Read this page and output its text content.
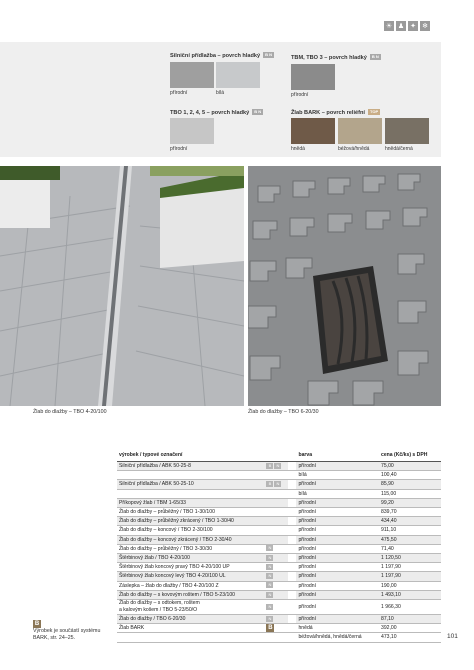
☀ ♟ ✦ ❄
Silniční přídlažba – povrch hladký B N
přírodní	bílá
TBM, TBO 3 – povrch hladký B N
přírodní
TBO 1, 2, 4, 5 – povrch hladký B N
přírodní
Žlab BARK – povrch reliéfní TOP
hnědá	béžová/hnědá	hnědá/černá
Žlab do dlažby – TBO 4-20/100	Žlab do dlažby – TBO 6-20/30
výrobek / typové označení			barva	cena (Kč/ks) s DPH
Silniční přídlažba / ABK 50-25-8	B N		přírodní	75,00
			bílá	100,40
Silniční přídlažba / ABK 50-25-10	B N		přírodní	85,90
			bílá	115,00
Příkopový žlab / TBM 1-65/33			přírodní	99,20
Žlab do dlažby – průběžný / TBO 1-30/100			přírodní	839,70
Žlab do dlažby – průběžný zkrácený / TBO 1-30/40			přírodní	434,40
Žlab do dlažby – koncový / TBO 2-30/100			přírodní	911,10
Žlab do dlažby – koncový zkrácený / TBO 2-30/40			přírodní	475,50
Žlab do dlažby – průběžný / TBO 3-30/30	N		přírodní	71,40
Štěrbinový žlab / TBO 4-20/100	N		přírodní	1 120,50
Štěrbinový žlab koncový pravý TBO 4-20/100 UP	N		přírodní	1 197,90
Štěrbinový žlab koncový levý TBO 4-20/100 UL	N		přírodní	1 197,90
Záslepka – žlab do dlažby / TBO 4-20/100 Z	N		přírodní	190,00
Žlab do dlažby – s kovovým roštem / TBO 5-23/100	N		přírodní	1 493,10
Žlab do dlažby – s odtokem, roštem
a kalovým košem / TBO 5-23/50/O	N		přírodní	1 966,30
Žlab do dlažby / TBO 6-20/30	N		přírodní	87,10
Žlab BARK	B		hnědá	392,00
			béžová/hnědá, hnědá/černá	473,10
B
Výrobek je součástí systému
BARK, str. 24–25.	101
